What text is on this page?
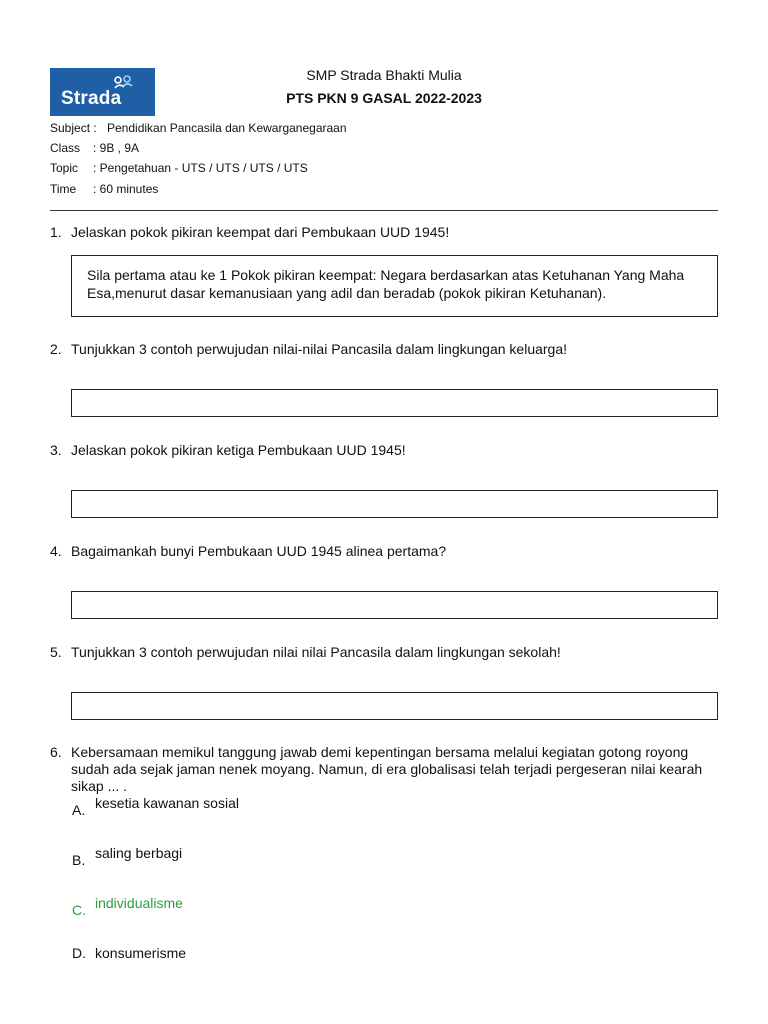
Strada
SMP Strada Bhakti Mulia
PTS PKN 9 GASAL 2022-2023
Subject : Pendidikan Pancasila dan Kewarganegaraan
Class : 9B , 9A
Topic : Pengetahuan - UTS / UTS / UTS / UTS
Time : 60 minutes
1. Jelaskan pokok pikiran keempat dari Pembukaan UUD 1945!
Sila pertama atau ke 1 Pokok pikiran keempat: Negara berdasarkan atas Ketuhanan Yang Maha Esa,menurut dasar kemanusiaan yang adil dan beradab (pokok pikiran Ketuhanan).
2. Tunjukkan 3 contoh perwujudan nilai-nilai Pancasila dalam lingkungan keluarga!
3. Jelaskan pokok pikiran ketiga Pembukaan UUD 1945!
4. Bagaimankah bunyi Pembukaan UUD 1945 alinea pertama?
5. Tunjukkan 3 contoh perwujudan nilai nilai Pancasila dalam lingkungan sekolah!
6. Kebersamaan memikul tanggung jawab demi kepentingan bersama melalui kegiatan gotong royong sudah ada sejak jaman nenek moyang. Namun, di era globalisasi telah terjadi pergeseran nilai kearah sikap ... .
A. kesetia kawanan sosial
B. saling berbagi
C. individualisme
D. konsumerisme
